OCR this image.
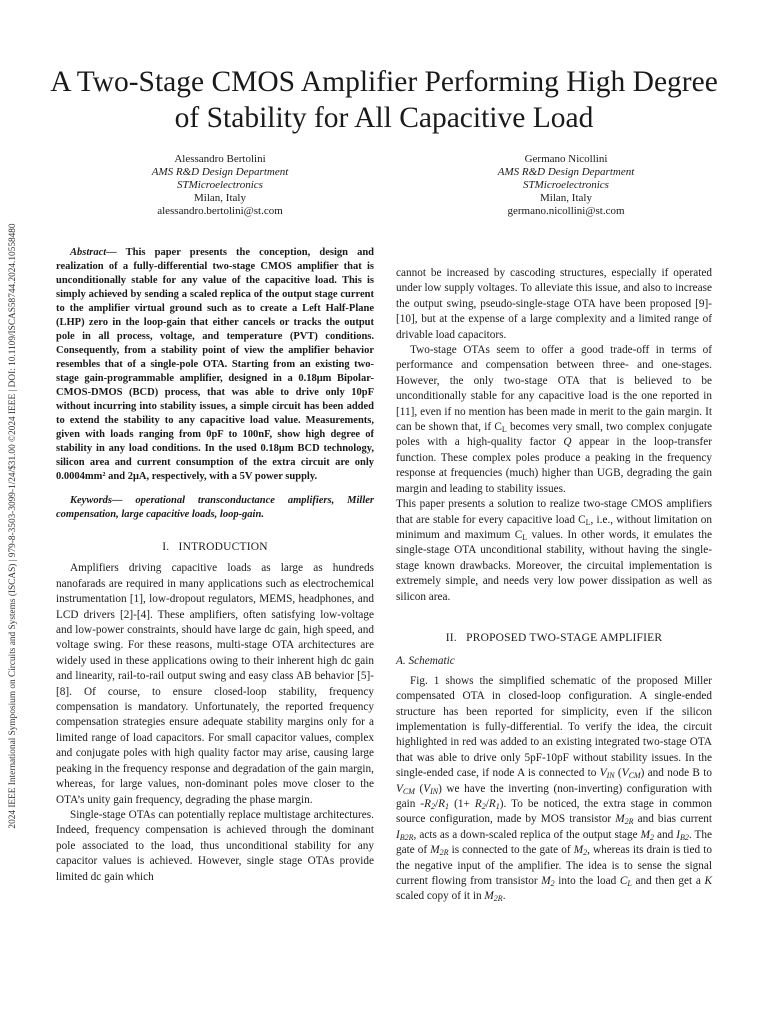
2024 IEEE International Symposium on Circuits and Systems (ISCAS) | 979-8-3503-3099-1/24/$31.00 ©2024 IEEE | DOI: 10.1109/ISCAS58744.2024.10558480
A Two-Stage CMOS Amplifier Performing High Degree of Stability for All Capacitive Load
Alessandro Bertolini
AMS R&D Design Department
STMicroelectronics
Milan, Italy
alessandro.bertolini@st.com
Germano Nicollini
AMS R&D Design Department
STMicroelectronics
Milan, Italy
germano.nicollini@st.com

Abstract— This paper presents the conception, design and realization of a fully-differential two-stage CMOS amplifier that is unconditionally stable for any value of the capacitive load. This is simply achieved by sending a scaled replica of the output stage current to the amplifier virtual ground such as to create a Left Half-Plane (LHP) zero in the loop-gain that either cancels or tracks the output pole in all process, voltage, and temperature (PVT) conditions. Consequently, from a stability point of view the amplifier behavior resembles that of a single-pole OTA. Starting from an existing two-stage gain-programmable amplifier, designed in a 0.18μm Bipolar-CMOS-DMOS (BCD) process, that was able to drive only 10pF without incurring into stability issues, a simple circuit has been added to extend the stability to any capacitive load value. Measurements, given with loads ranging from 0pF to 100nF, show high degree of stability in any load conditions. In the used 0.18μm BCD technology, silicon area and current consumption of the extra circuit are only 0.0004mm² and 2μA, respectively, with a 5V power supply.

Keywords— operational transconductance amplifiers, Miller compensation, large capacitive loads, loop-gain.

I. INTRODUCTION

Amplifiers driving capacitive loads as large as hundreds nanofarads are required in many applications such as electrochemical instrumentation [1], low-dropout regulators, MEMS, headphones, and LCD drivers [2]-[4]. These amplifiers, often satisfying low-voltage and low-power constraints, should have large dc gain, high speed, and voltage swing. For these reasons, multi-stage OTA architectures are widely used in these applications owing to their inherent high dc gain and linearity, rail-to-rail output swing and easy class AB behavior [5]-[8]. Of course, to ensure closed-loop stability, frequency compensation is mandatory. Unfortunately, the reported frequency compensation strategies ensure adequate stability margins only for a limited range of load capacitors. For small capacitor values, complex and conjugate poles with high quality factor may arise, causing large peaking in the frequency response and degradation of the gain margin, whereas, for large values, non-dominant poles move closer to the OTA’s unity gain frequency, degrading the phase margin.

Single-stage OTAs can potentially replace multistage architectures. Indeed, frequency compensation is achieved through the dominant pole associated to the load, thus unconditional stability for any capacitor values is achieved. However, single stage OTAs provide limited dc gain which

cannot be increased by cascoding structures, especially if operated under low supply voltages. To alleviate this issue, and also to increase the output swing, pseudo-single-stage OTA have been proposed [9]-[10], but at the expense of a large complexity and a limited range of drivable load capacitors.

Two-stage OTAs seem to offer a good trade-off in terms of performance and compensation between three- and one-stages. However, the only two-stage OTA that is believed to be unconditionally stable for any capacitive load is the one reported in [11], even if no mention has been made in merit to the gain margin. It can be shown that, if $C_L$ becomes very small, two complex conjugate poles with a high-quality factor Q appear in the loop-transfer function. These complex poles produce a peaking in the frequency response at frequencies (much) higher than UGB, degrading the gain margin and leading to stability issues.

This paper presents a solution to realize two-stage CMOS amplifiers that are stable for every capacitive load $C_L$, i.e., without limitation on minimum and maximum $C_L$ values. In other words, it emulates the single-stage OTA unconditional stability, without having the single-stage known drawbacks. Moreover, the circuital implementation is extremely simple, and needs very low power dissipation as well as silicon area.

II. PROPOSED TWO-STAGE AMPLIFIER
A. Schematic

Fig. 1 shows the simplified schematic of the proposed Miller compensated OTA in closed-loop configuration. A single-ended structure has been reported for simplicity, even if the silicon implementation is fully-differential. To verify the idea, the circuit highlighted in red was added to an existing integrated two-stage OTA that was able to drive only 5pF-10pF without stability issues. In the single-ended case, if node A is connected to $V_{IN}$ $(V_{CM})$ and node B to $V_{CM}$ $(V_{IN})$ we have the inverting (non-inverting) configuration with gain $-R_2/R_1$ $(1+ R_2/R_1)$. To be noticed, the extra stage in common source configuration, made by MOS transistor $M_{2R}$ and bias current $I_{B2R}$, acts as a down-scaled replica of the output stage $M_2$ and $I_{B2}$. The gate of $M_{2R}$ is connected to the gate of $M_2$, whereas its drain is tied to the negative input of the amplifier. The idea is to sense the signal current flowing from transistor $M_2$ into the load $C_L$ and then get a K scaled copy of it in $M_{2R}$.
